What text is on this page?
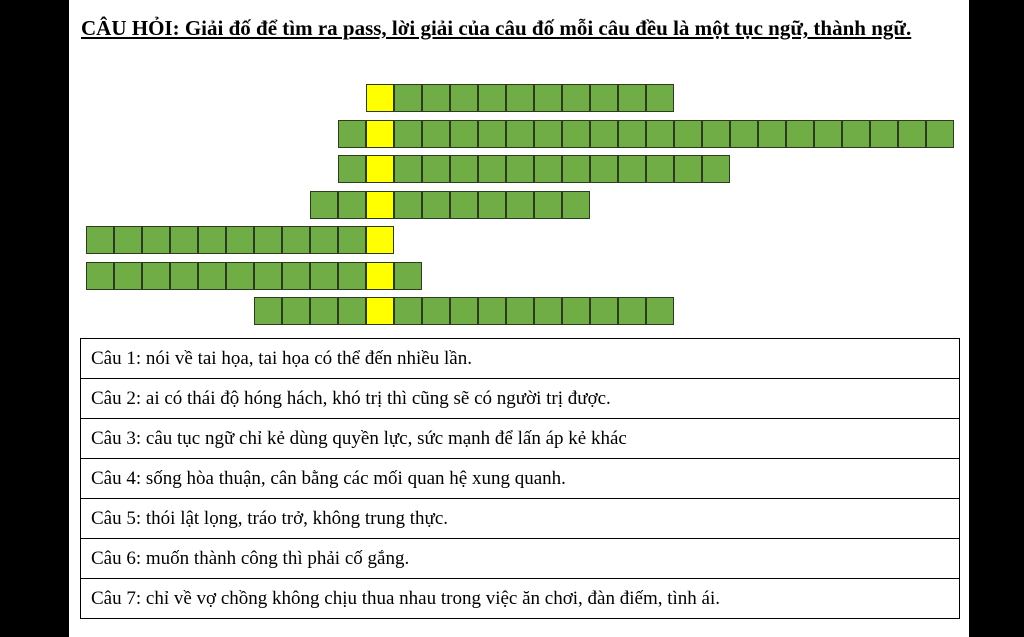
CÂU HỎI: Giải đố để tìm ra pass, lời giải của câu đố mỗi câu đều là một tục ngữ, thành ngữ.
Câu 1: nói về tai họa, tai họa có thể đến nhiều lần.
Câu 2: ai có thái độ hóng hách, khó trị thì cũng sẽ có người trị được.
Câu 3: câu tục ngữ chỉ kẻ dùng quyền lực, sức mạnh để lấn áp kẻ khác
Câu 4: sống hòa thuận, cân bằng các mối quan hệ xung quanh.
Câu 5: thói lật lọng, tráo trở, không trung thực.
Câu 6: muốn thành công thì phải cố gắng.
Câu 7: chỉ về vợ chồng không chịu thua nhau trong việc ăn chơi, đàn điếm, tình ái.
